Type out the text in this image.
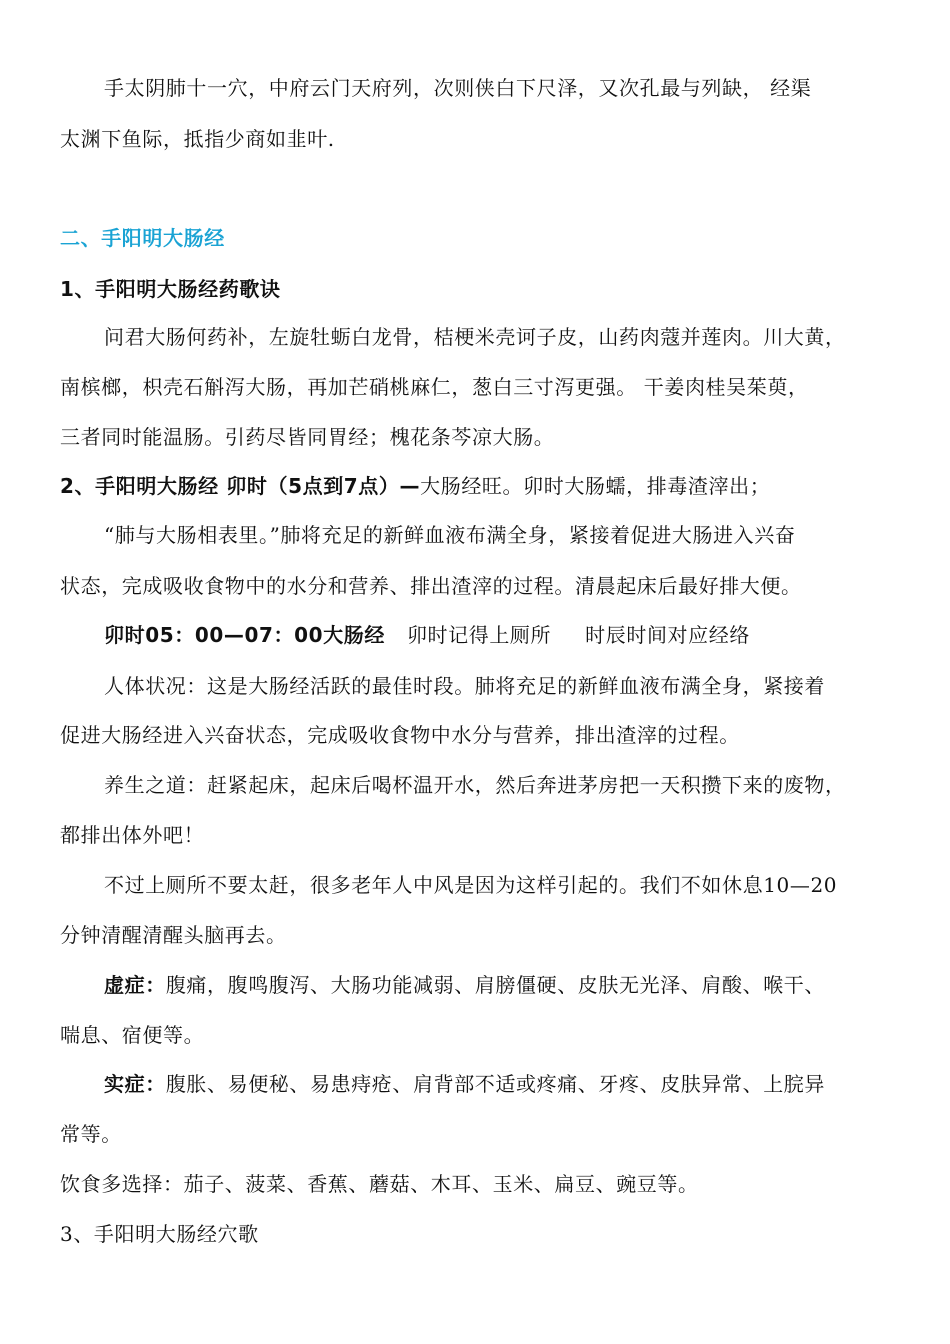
手太阴肺十一穴，中府云门天府列，次则侠白下尺泽，又次孔最与列缺， 经渠
太渊下鱼际，抵指少商如韭叶.
二、手阳明大肠经
1、手阳明大肠经药歌诀
问君大肠何药补，左旋牡蛎白龙骨，桔梗米壳诃子皮，山药肉蔻并莲肉。川大黄，
南槟榔，枳壳石斛泻大肠，再加芒硝桃麻仁，葱白三寸泻更强。 干姜肉桂吴茱萸，
三者同时能温肠。引药尽皆同胃经；槐花条芩凉大肠。
2、手阳明大肠经 卯时（5点到7点）—大肠经旺。卯时大肠蠕，排毒渣滓出；
“肺与大肠相表里。”肺将充足的新鲜血液布满全身，紧接着促进大肠进入兴奋
状态，完成吸收食物中的水分和营养、排出渣滓的过程。清晨起床后最好排大便。
卯时05：00—07：00大肠经 卯时记得上厕所 时辰时间对应经络
人体状况：这是大肠经活跃的最佳时段。肺将充足的新鲜血液布满全身，紧接着
促进大肠经进入兴奋状态，完成吸收食物中水分与营养，排出渣滓的过程。
养生之道：赶紧起床，起床后喝杯温开水，然后奔进茅房把一天积攒下来的废物，
都排出体外吧！
不过上厕所不要太赶，很多老年人中风是因为这样引起的。我们不如休息10—20
分钟清醒清醒头脑再去。
虚症：腹痛，腹鸣腹泻、大肠功能减弱、肩膀僵硬、皮肤无光泽、肩酸、喉干、
喘息、宿便等。
实症：腹胀、易便秘、易患痔疮、肩背部不适或疼痛、牙疼、皮肤异常、上脘异
常等。
饮食多选择：茄子、菠菜、香蕉、蘑菇、木耳、玉米、扁豆、豌豆等。
3、手阳明大肠经穴歌
